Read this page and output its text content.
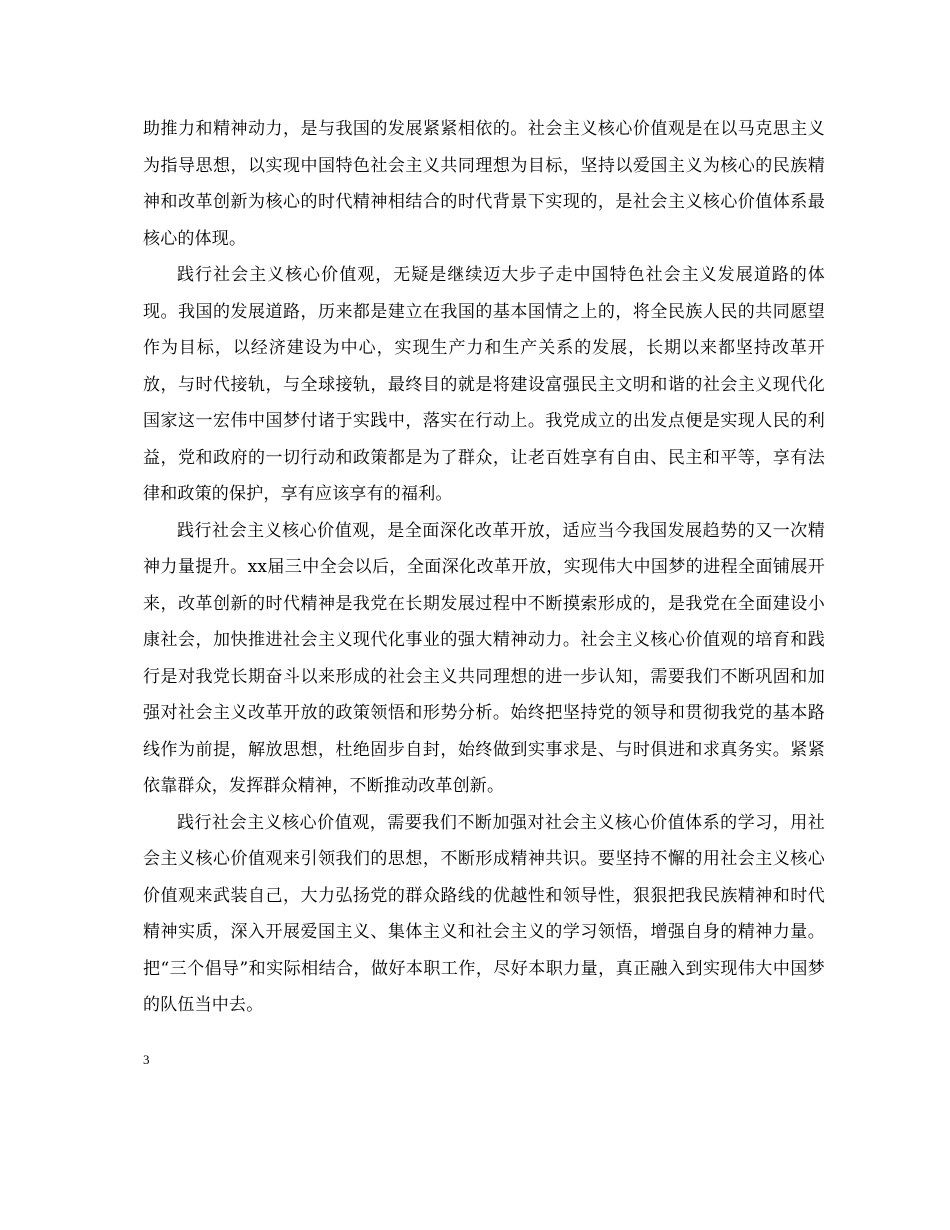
助推力和精神动力，是与我国的发展紧紧相依的。社会主义核心价值观是在以马克思主义为指导思想，以实现中国特色社会主义共同理想为目标，坚持以爱国主义为核心的民族精神和改革创新为核心的时代精神相结合的时代背景下实现的，是社会主义核心价值体系最核心的体现。

践行社会主义核心价值观，无疑是继续迈大步子走中国特色社会主义发展道路的体现。我国的发展道路，历来都是建立在我国的基本国情之上的，将全民族人民的共同愿望作为目标，以经济建设为中心，实现生产力和生产关系的发展，长期以来都坚持改革开放，与时代接轨，与全球接轨，最终目的就是将建设富强民主文明和谐的社会主义现代化国家这一宏伟中国梦付诸于实践中，落实在行动上。我党成立的出发点便是实现人民的利益，党和政府的一切行动和政策都是为了群众，让老百姓享有自由、民主和平等，享有法律和政策的保护，享有应该享有的福利。

践行社会主义核心价值观，是全面深化改革开放，适应当今我国发展趋势的又一次精神力量提升。xx届三中全会以后，全面深化改革开放，实现伟大中国梦的进程全面铺展开来，改革创新的时代精神是我党在长期发展过程中不断摸索形成的，是我党在全面建设小康社会，加快推进社会主义现代化事业的强大精神动力。社会主义核心价值观的培育和践行是对我党长期奋斗以来形成的社会主义共同理想的进一步认知，需要我们不断巩固和加强对社会主义改革开放的政策领悟和形势分析。始终把坚持党的领导和贯彻我党的基本路线作为前提，解放思想，杜绝固步自封，始终做到实事求是、与时俱进和求真务实。紧紧依靠群众，发挥群众精神，不断推动改革创新。

践行社会主义核心价值观，需要我们不断加强对社会主义核心价值体系的学习，用社会主义核心价值观来引领我们的思想，不断形成精神共识。要坚持不懈的用社会主义核心价值观来武装自己，大力弘扬党的群众路线的优越性和领导性，狠狠把我民族精神和时代精神实质，深入开展爱国主义、集体主义和社会主义的学习领悟，增强自身的精神力量。把“三个倡导”和实际相结合，做好本职工作，尽好本职力量，真正融入到实现伟大中国梦的队伍当中去。

3
